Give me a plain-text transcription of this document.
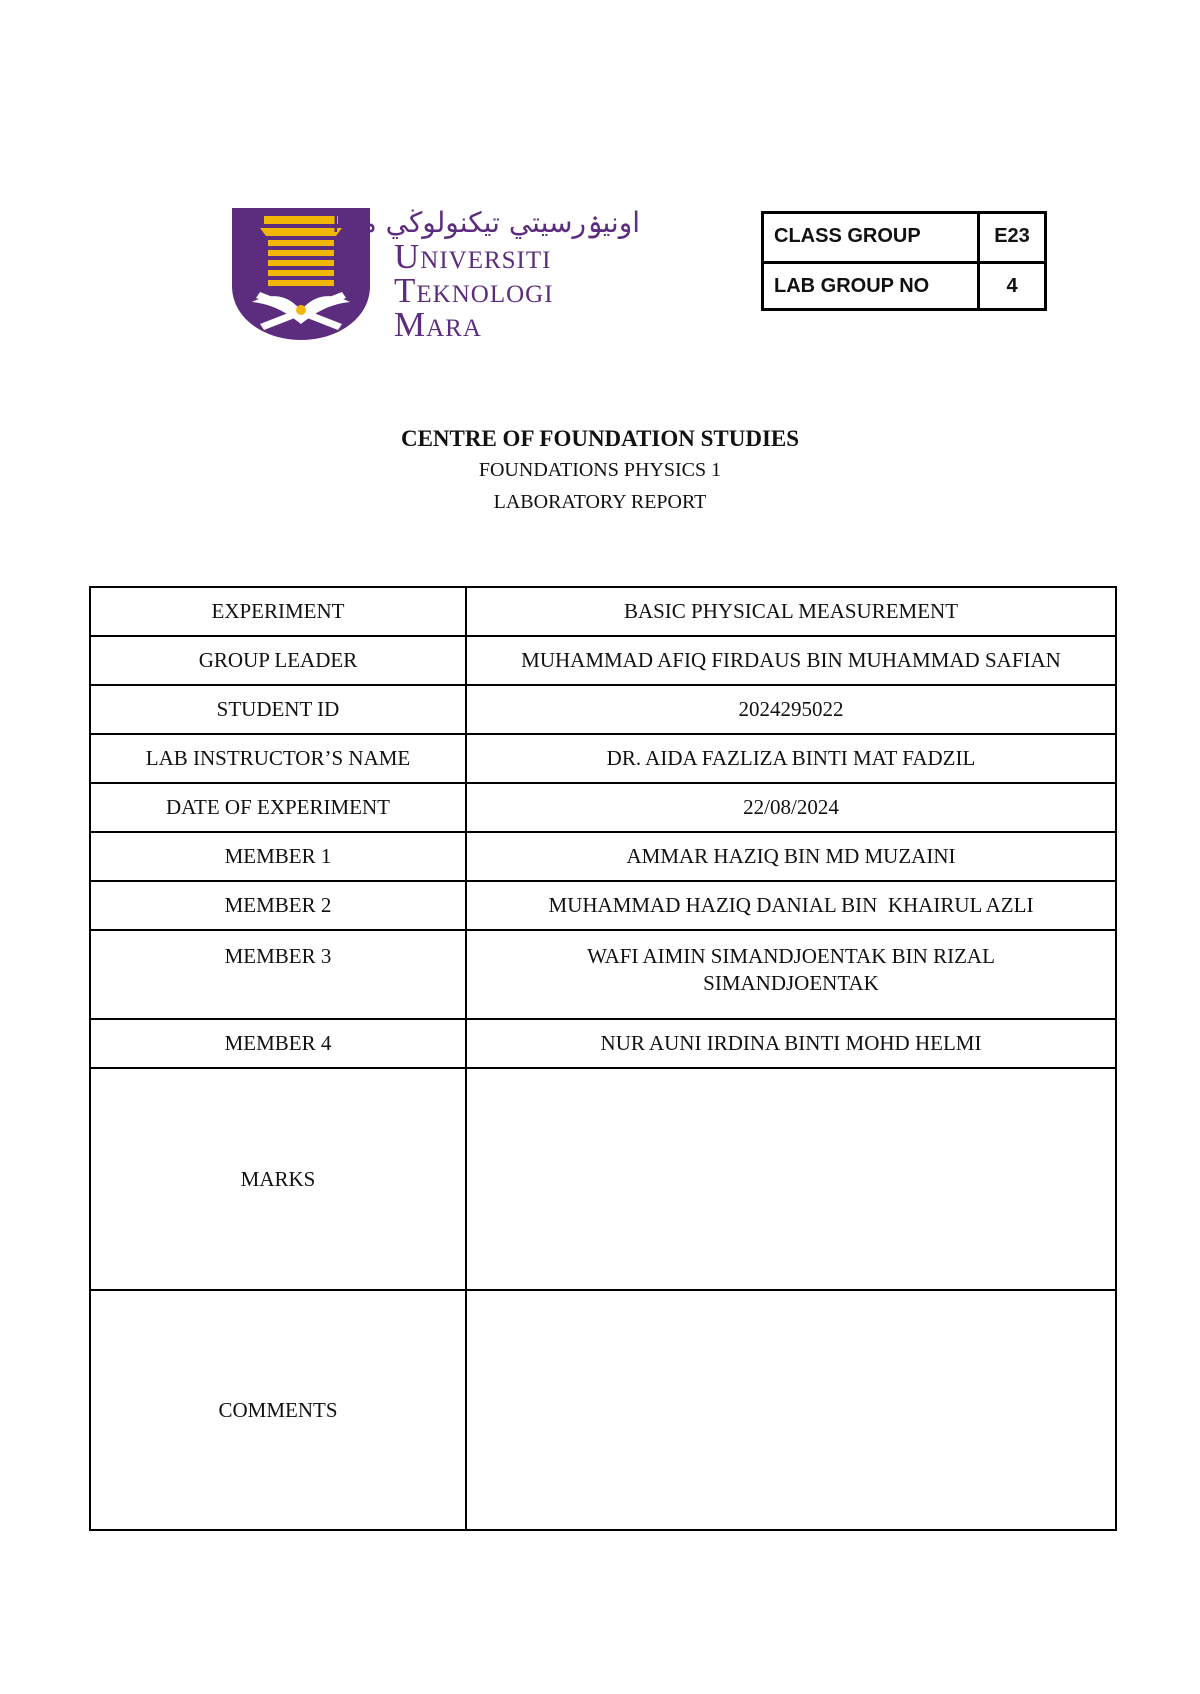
اونيۏرسيتي تيكنولوڬي مارا
Universiti
Teknologi
Mara
CLASS GROUP	E23
LAB GROUP NO	4
CENTRE OF FOUNDATION STUDIES
FOUNDATIONS PHYSICS 1
LABORATORY REPORT
EXPERIMENT	BASIC PHYSICAL MEASUREMENT
GROUP LEADER	MUHAMMAD AFIQ FIRDAUS BIN MUHAMMAD SAFIAN
STUDENT ID	2024295022
LAB INSTRUCTOR’S NAME	DR. AIDA FAZLIZA BINTI MAT FADZIL
DATE OF EXPERIMENT	22/08/2024
MEMBER 1	AMMAR HAZIQ BIN MD MUZAINI
MEMBER 2	MUHAMMAD HAZIQ DANIAL BIN  KHAIRUL AZLI
MEMBER 3	WAFI AIMIN SIMANDJOENTAK BIN RIZAL SIMANDJOENTAK
MEMBER 4	NUR AUNI IRDINA BINTI MOHD HELMI
MARKS	
COMMENTS	
